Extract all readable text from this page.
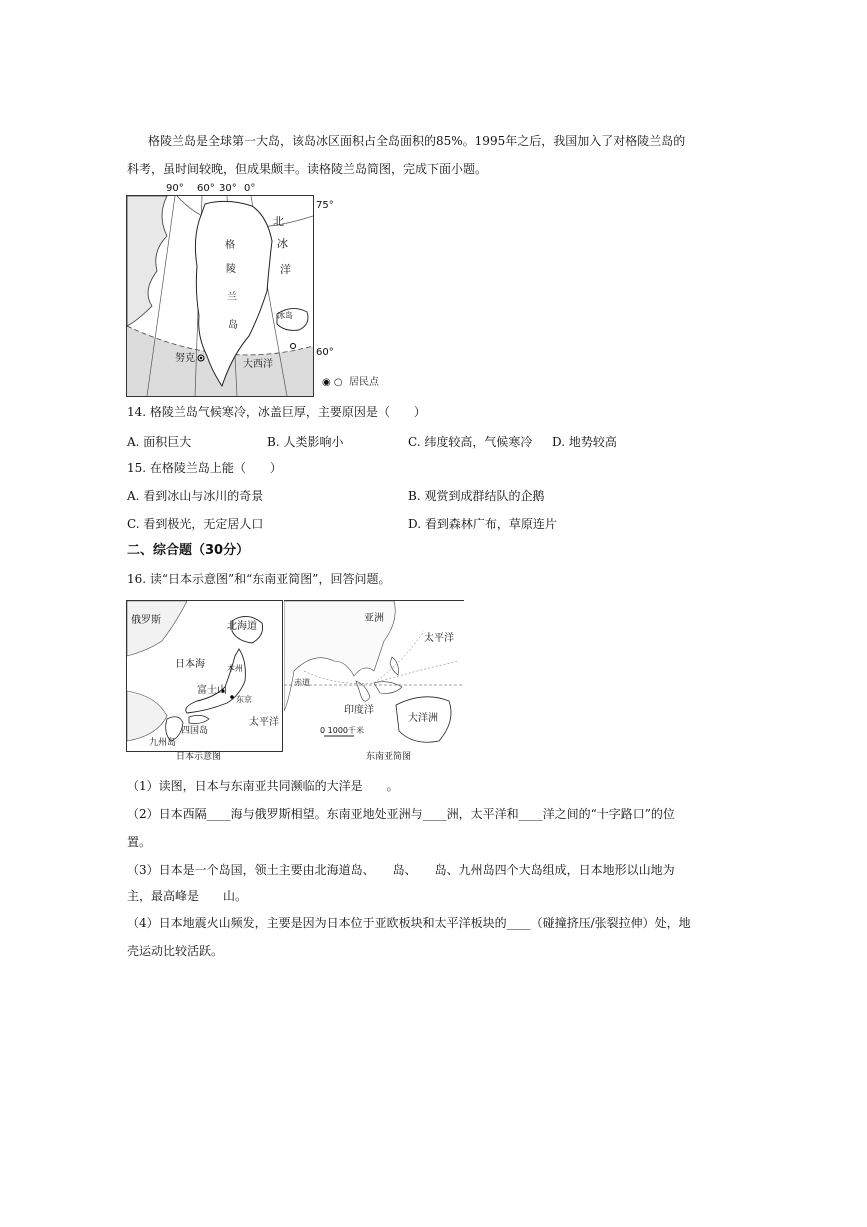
格陵兰岛是全球第一大岛，该岛冰区面积占全岛面积的85%。1995年之后，我国加入了对格陵兰岛的
科考，虽时间较晚，但成果颇丰。读格陵兰岛简图，完成下面小题。
90° 60° 30° 0°
北
冰
洋
格
陵
兰
岛
冰岛
努克
大西洋
75°
60°
◉ ○ 居民点
14. 格陵兰岛气候寒冷，冰盖巨厚，主要原因是（　　）
A. 面积巨大	B. 人类影响小	C. 纬度较高，气候寒冷 D. 地势较高
15. 在格陵兰岛上能（　　）
A. 看到冰山与冰川的奇景	B. 观赏到成群结队的企鹅
C. 看到极光，无定居人口	D. 看到森林广布，草原连片
二、综合题（30分）
16. 读“日本示意图”和“东南亚简图”，回答问题。
俄罗斯
北海道
日本海	本州
富士山
东京
太平洋
四国岛
九州岛
日本示意图
亚洲
太平洋
印度洋
大洋洲
赤道
0 1000千米
东南亚简图
（1）读图，日本与东南亚共同濒临的大洋是　　。
（2）日本西隔____海与俄罗斯相望。东南亚地处亚洲与____洲，太平洋和____洋之间的“十字路口”的位
置。
（3）日本是一个岛国，领土主要由北海道岛、　　岛、　　岛、九州岛四个大岛组成，日本地形以山地为
主，最高峰是　　山。
（4）日本地震火山频发，主要是因为日本位于亚欧板块和太平洋板块的____（碰撞挤压/张裂拉伸）处，地
壳运动比较活跃。
